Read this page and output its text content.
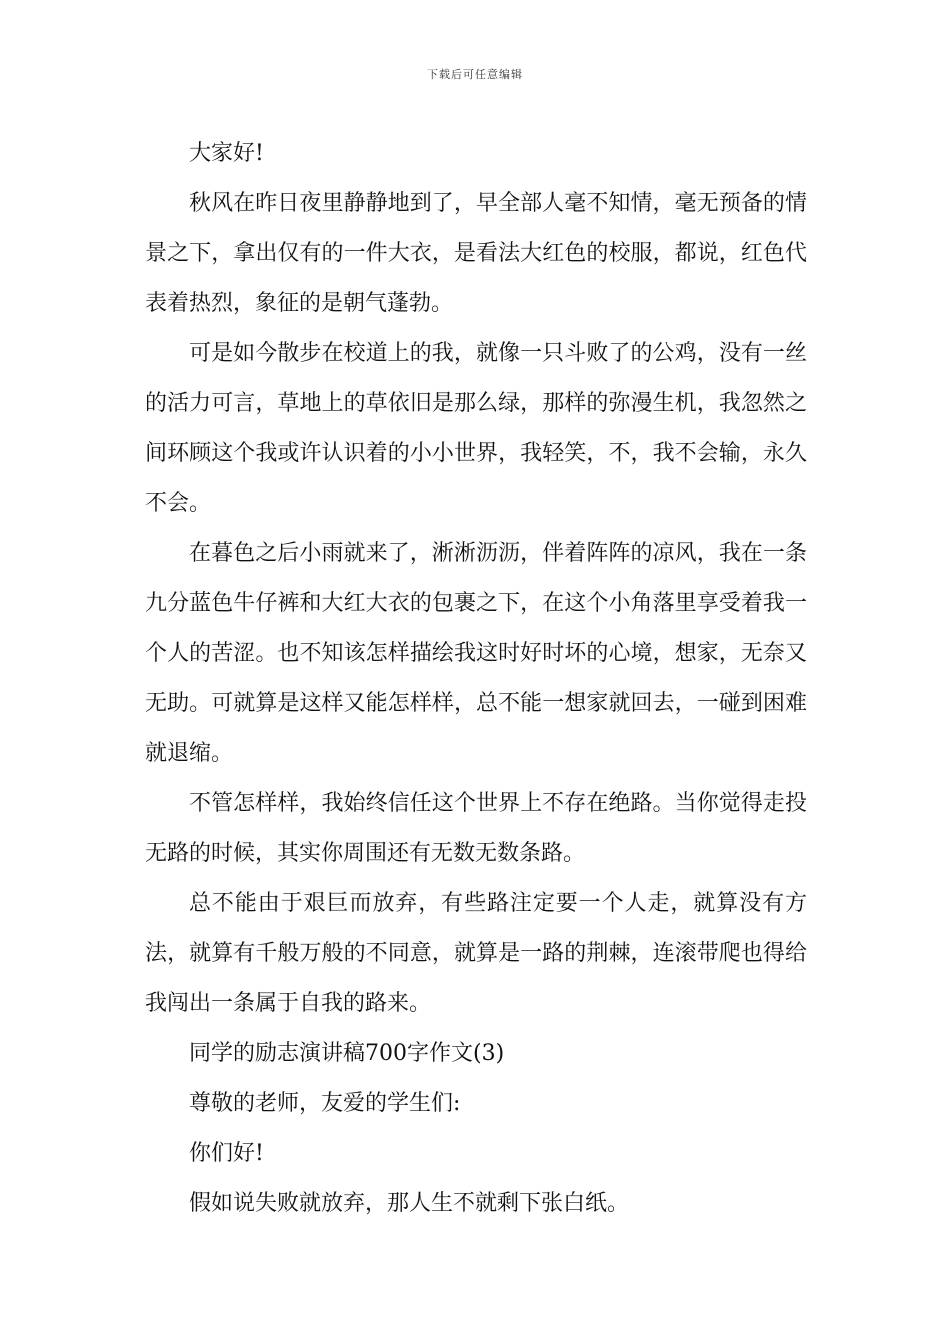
下载后可任意编辑

大家好!

秋风在昨日夜里静静地到了，早全部人毫不知情，毫无预备的情景之下，拿出仅有的一件大衣，是看法大红色的校服，都说，红色代表着热烈，象征的是朝气蓬勃。

可是如今散步在校道上的我，就像一只斗败了的公鸡，没有一丝的活力可言，草地上的草依旧是那么绿，那样的弥漫生机，我忽然之间环顾这个我或许认识着的小小世界，我轻笑，不，我不会输，永久不会。

在暮色之后小雨就来了，淅淅沥沥，伴着阵阵的凉风，我在一条九分蓝色牛仔裤和大红大衣的包裹之下，在这个小角落里享受着我一个人的苦涩。也不知该怎样描绘我这时好时坏的心境，想家，无奈又无助。可就算是这样又能怎样样，总不能一想家就回去，一碰到困难就退缩。

不管怎样样，我始终信任这个世界上不存在绝路。当你觉得走投无路的时候，其实你周围还有无数无数条路。

总不能由于艰巨而放弃，有些路注定要一个人走，就算没有方法，就算有千般万般的不同意，就算是一路的荆棘，连滚带爬也得给我闯出一条属于自我的路来。

同学的励志演讲稿700字作文(3)

尊敬的老师，友爱的学生们:

你们好!

假如说失败就放弃，那人生不就剩下张白纸。
